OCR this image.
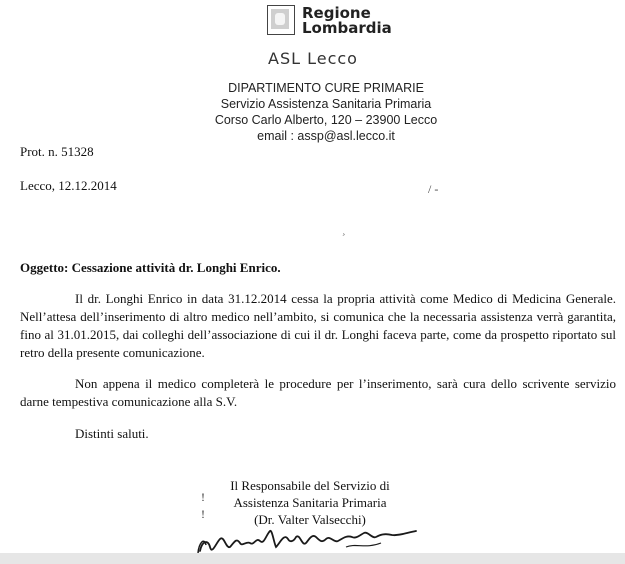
Regione
Lombardia
ASL Lecco
DIPARTIMENTO CURE PRIMARIE
Servizio Assistenza Sanitaria Primaria
Corso Carlo Alberto, 120 – 23900 Lecco
email : assp@asl.lecco.it
Prot. n. 51328
Lecco, 12.12.2014	/ -
¸
Oggetto: Cessazione attività dr. Longhi Enrico.
Il dr. Longhi Enrico in data 31.12.2014 cessa la propria attività come Medico di Medicina Generale. Nell’attesa dell’inserimento di altro medico nell’ambito, si comunica che la necessaria assistenza verrà garantita, fino al 31.01.2015, dai colleghi dell’associazione di cui il dr. Longhi faceva parte, come da prospetto riportato sul retro della presente comunicazione.
Non appena il medico completerà le procedure per l’inserimento, sarà cura dello scrivente servizio darne tempestiva comunicazione alla S.V.
Distinti saluti.
!
!
Il Responsabile del Servizio di
Assistenza Sanitaria Primaria
(Dr. Valter Valsecchi)
